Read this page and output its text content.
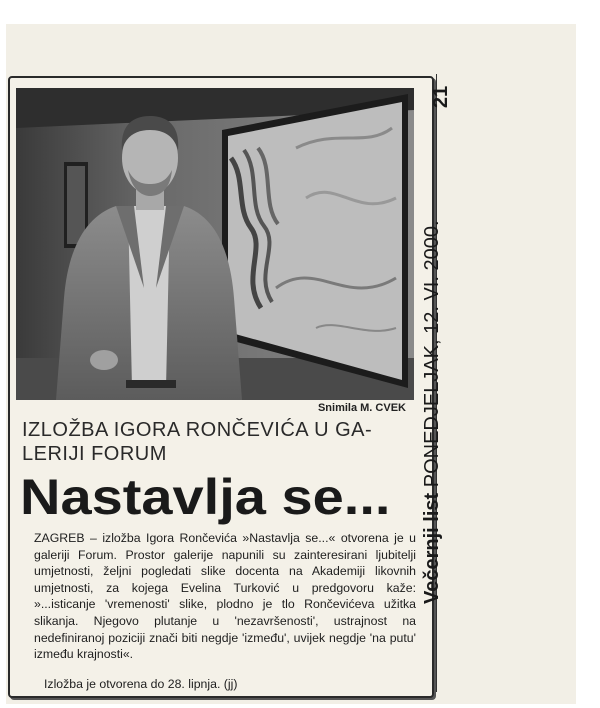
Snimila M. CVEK
IZLOŽBA IGORA RONČEVIĆA U GA-
LERIJI FORUM
Nastavlja se...

ZAGREB – izložba Igora Rončevića »Nastavlja se...« otvorena je u galeriji Forum. Prostor galerije napunili su zainteresirani ljubitelji umjetnosti, željni pogledati slike docenta na Akademiji likovnih umjetnosti, za kojega Evelina Turković u predgovoru kaže: »...isticanje 'vremenosti' slike, plodno je tlo Rončevićeva užitka slikanja. Njegovo plutanje u 'nezavršenosti', ustrajnost na nedefiniranoj poziciji znači biti negdje 'između', uvijek negdje 'na putu' između krajnosti«.

Izložba je otvorena do 28. lipnja. (jj)
21
Večernji list PONEDJELJAK, 12. VI. 2000.
